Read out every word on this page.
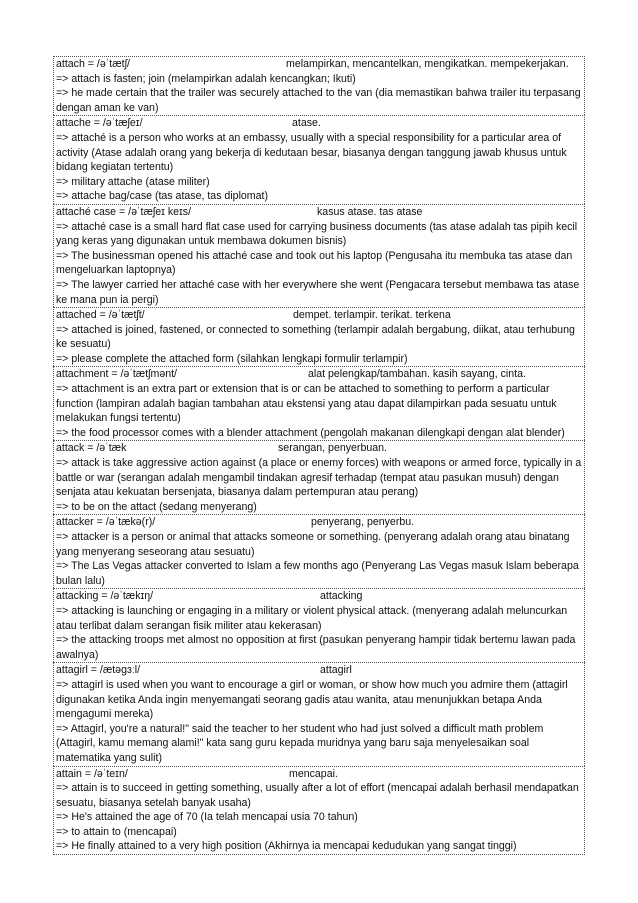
attach = /əˈtætʃ/	melampirkan, mencantelkan, mengikatkan. mempekerjakan.
=> attach is fasten; join (melampirkan adalah kencangkan; Ikuti)
=> he made certain that the trailer was securely attached to the van (dia memastikan bahwa trailer itu terpasang dengan aman ke van)
attache = /əˈtæʃeɪ/	atase.
=> attaché is a person who works at an embassy, usually with a special responsibility for a particular area of activity (Atase adalah orang yang bekerja di kedutaan besar, biasanya dengan tanggung jawab khusus untuk bidang kegiatan tertentu)
=> military attache (atase militer)
=> attache bag/case (tas atase, tas diplomat)
attaché case = /əˈtæʃeɪ keɪs/	kasus atase. tas atase
=> attaché case is a small hard flat case used for carrying business documents (tas atase adalah tas pipih kecil yang keras yang digunakan untuk membawa dokumen bisnis)
=> The businessman opened his attaché case and took out his laptop (Pengusaha itu membuka tas atase dan mengeluarkan laptopnya)
=> The lawyer carried her attaché case with her everywhere she went (Pengacara tersebut membawa tas atase ke mana pun ia pergi)
attached = /əˈtætʃt/	dempet. terlampir. terikat. terkena
=> attached is joined, fastened, or connected to something (terlampir adalah bergabung, diikat, atau terhubung ke sesuatu)
=> please complete the attached form (silahkan lengkapi formulir terlampir)
attachment = /əˈtætʃmənt/	alat pelengkap/tambahan. kasih sayang, cinta.
=> attachment is an extra part or extension that is or can be attached to something to perform a particular function (lampiran adalah bagian tambahan atau ekstensi yang atau dapat dilampirkan pada sesuatu untuk melakukan fungsi tertentu)
=> the food processor comes with a blender attachment (pengolah makanan dilengkapi dengan alat blender)
attack = /əˈtæk	serangan, penyerbuan.
=> attack is take aggressive action against (a place or enemy forces) with weapons or armed force, typically in a battle or war (serangan adalah mengambil tindakan agresif terhadap (tempat atau pasukan musuh) dengan senjata atau kekuatan bersenjata, biasanya dalam pertempuran atau perang)
=> to be on the attact (sedang menyerang)
attacker = /əˈtækə(r)/	penyerang, penyerbu.
=> attacker is a person or animal that attacks someone or something. (penyerang adalah orang atau binatang yang menyerang seseorang atau sesuatu)
=> The Las Vegas attacker converted to Islam a few months ago (Penyerang Las Vegas masuk Islam beberapa bulan lalu)
attacking = /əˈtækɪŋ/	attacking
=> attacking is launching or engaging in a military or violent physical attack. (menyerang adalah meluncurkan atau terlibat dalam serangan fisik militer atau kekerasan)
=> the attacking troops met almost no opposition at first (pasukan penyerang hampir tidak bertemu lawan pada awalnya)
attagirl = /ætəgɜːl/	attagirl
=> attagirl is used when you want to encourage a girl or woman, or show how much you admire them (attagirl digunakan ketika Anda ingin menyemangati seorang gadis atau wanita, atau menunjukkan betapa Anda mengagumi mereka)
=> Attagirl, you're a natural!" said the teacher to her student who had just solved a difficult math problem (Attagirl, kamu memang alami!" kata sang guru kepada muridnya yang baru saja menyelesaikan soal matematika yang sulit)
attain = /əˈteɪn/	mencapai.
=> attain is to succeed in getting something, usually after a lot of effort (mencapai adalah berhasil mendapatkan sesuatu, biasanya setelah banyak usaha)
=> He's attained the age of 70 (Ia telah mencapai usia 70 tahun)
=> to attain to (mencapai)
=> He finally attained to a very high position (Akhirnya ia mencapai kedudukan yang sangat tinggi)
